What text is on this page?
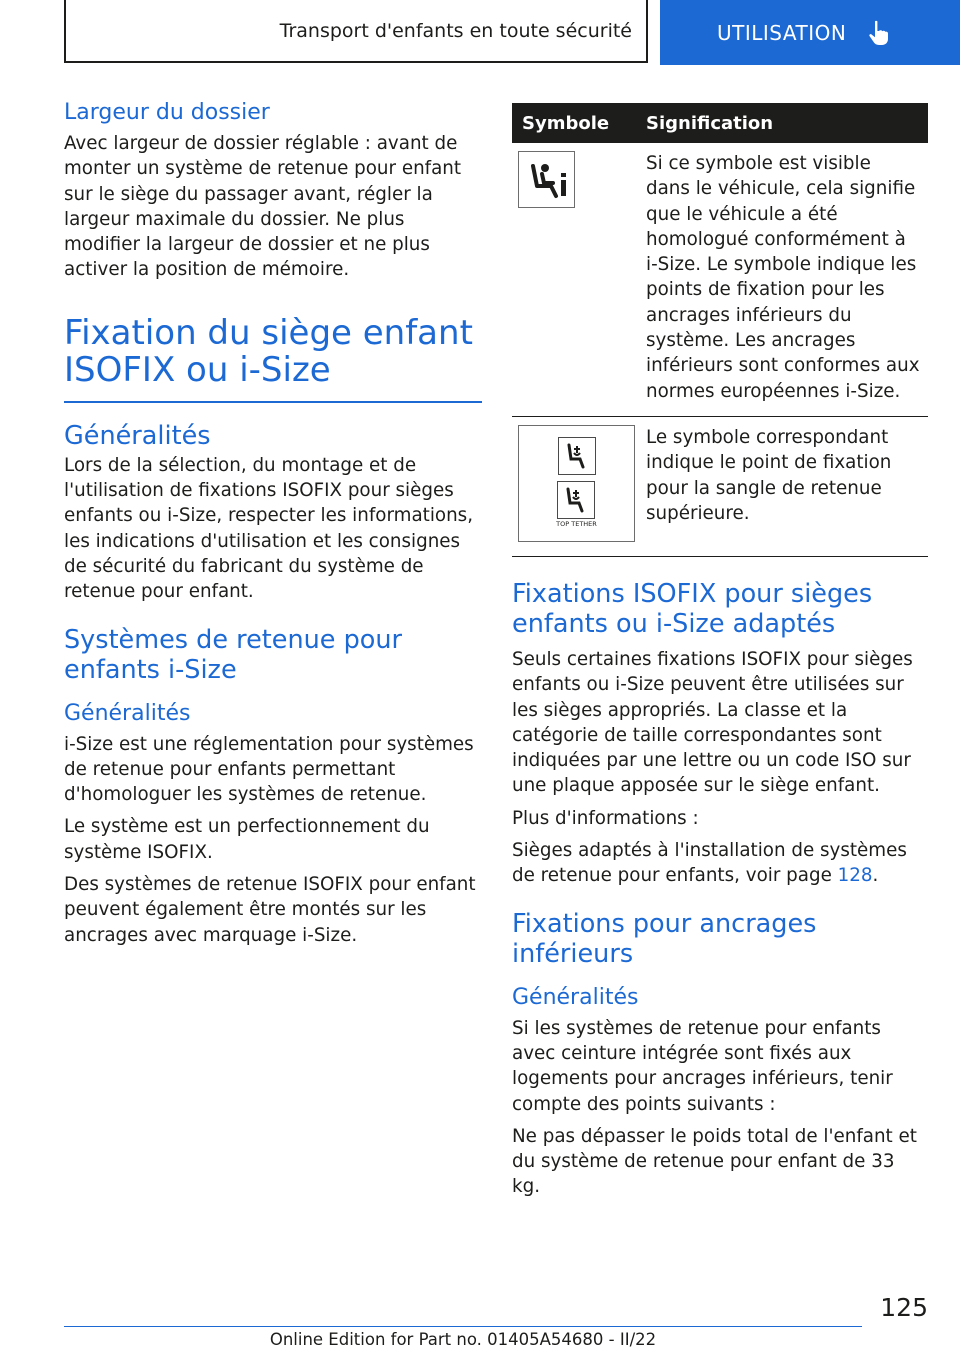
Transport d'enfants en toute sécurité	UTILISATION
Largeur du dossier

Avec largeur de dossier réglable : avant de monter un système de retenue pour enfant sur le siège du passager avant, régler la largeur maximale du dossier. Ne plus modifier la largeur de dossier et ne plus activer la position de mémoire.

Fixation du siège enfant
ISOFIX ou i-Size
Généralités

Lors de la sélection, du montage et de l'utilisation de fixations ISOFIX pour sièges enfants ou i-Size, respecter les informations, les indications d'utilisation et les consignes de sécurité du fabricant du système de retenue pour enfant.

Systèmes de retenue pour enfants i-Size
Généralités

i-Size est une réglementation pour systèmes de retenue pour enfants permettant d'homologuer les systèmes de retenue.

Le système est un perfectionnement du système ISOFIX.

Des systèmes de retenue ISOFIX pour enfant peuvent également être montés sur les ancrages avec marquage i-Size.

Symbole	Signification

Si ce symbole est visible dans le véhicule, cela signifie que le véhicule a été homologué conformément à i-Size. Le symbole indique les points de fixation pour les ancrages inférieurs du système. Les ancrages inférieurs sont conformes aux normes européennes i-Size.

TOP TETHER	Le symbole correspondant indique le point de fixation pour la sangle de retenue supérieure.

Fixations ISOFIX pour sièges enfants ou i-Size adaptés

Seuls certaines fixations ISOFIX pour sièges enfants ou i-Size peuvent être utilisées sur les sièges appropriés. La classe et la catégorie de taille correspondantes sont indiquées par une lettre ou un code ISO sur une plaque apposée sur le siège enfant.

Plus d'informations :

Sièges adaptés à l'installation de systèmes de retenue pour enfants, voir page 128.

Fixations pour ancrages inférieurs
Généralités

Si les systèmes de retenue pour enfants avec ceinture intégrée sont fixés aux logements pour ancrages inférieurs, tenir compte des points suivants :

Ne pas dépasser le poids total de l'enfant et du système de retenue pour enfant de 33 kg.

125
Online Edition for Part no. 01405A54680 - II/22
